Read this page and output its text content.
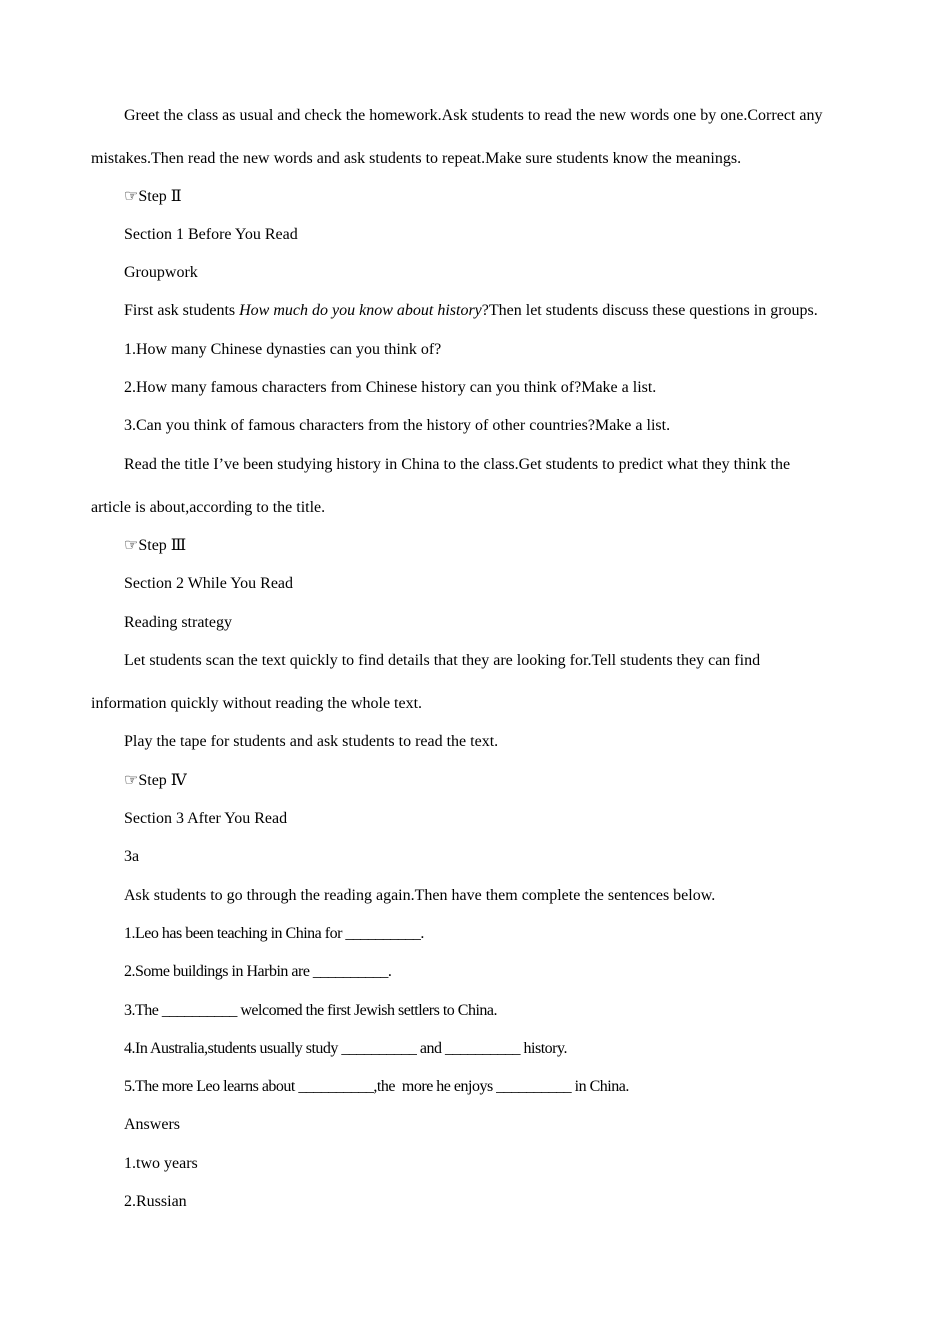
Greet the class as usual and check the homework.Ask students to read the new words one by one.Correct any
mistakes.Then read the new words and ask students to repeat.Make sure students know the meanings.

☞Step Ⅱ

Section 1 Before You Read

Groupwork

First ask students How much do you know about history?Then let students discuss these questions in groups.

1.How many Chinese dynasties can you think of?

2.How many famous characters from Chinese history can you think of?Make a list.

3.Can you think of famous characters from the history of other countries?Make a list.

Read the title I’ve been studying history in China to the class.Get students to predict what they think the
article is about,according to the title.

☞Step Ⅲ

Section 2 While You Read

Reading strategy

Let students scan the text quickly to find details that they are looking for.Tell students they can find
information quickly without reading the whole text.

Play the tape for students and ask students to read the text.

☞Step Ⅳ

Section 3 After You Read

3a

Ask students to go through the reading again.Then have them complete the sentences below.

1.Leo has been teaching in China for __________.

2.Some buildings in Harbin are __________.

3.The __________ welcomed the first Jewish settlers to China.

4.In Australia,students usually study __________ and __________ history.

5.The more Leo learns about __________,the  more he enjoys __________ in China.

Answers

1.two years

2.Russian
